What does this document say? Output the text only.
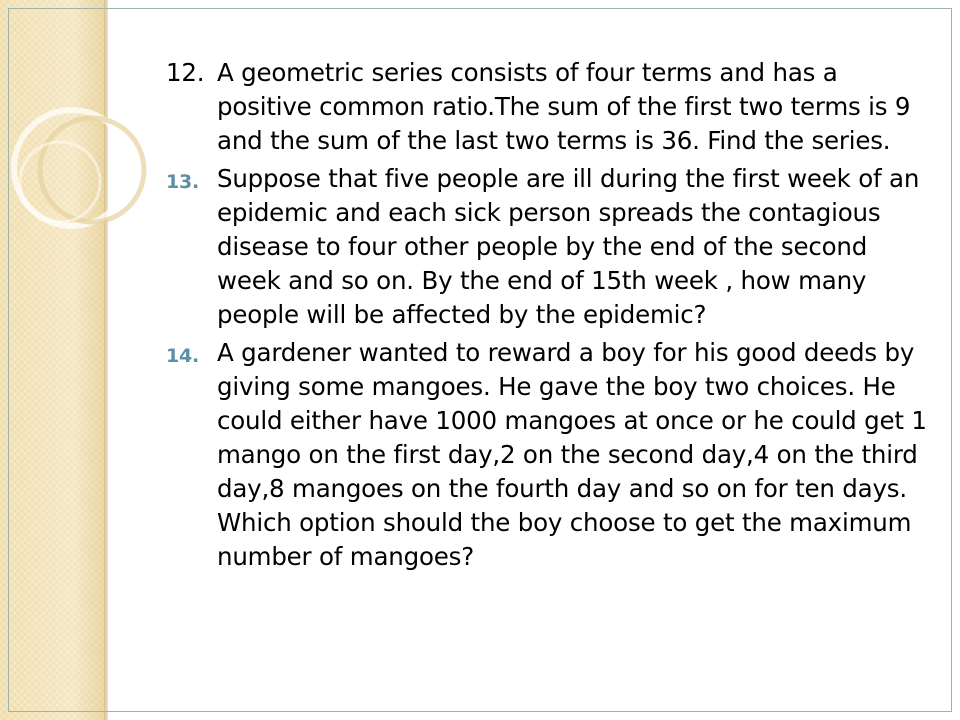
12. A geometric series consists of four terms and has a positive common ratio.The sum of the first two terms is 9 and the sum of the last two terms is 36. Find the series.
13. Suppose that five people are ill during the first week of an epidemic and each sick person spreads the contagious disease to four other people by the end of the second week and so on. By the end of 15th week , how many people will be affected by the epidemic?
14. A gardener wanted to reward a boy for his good deeds by giving some mangoes. He gave the boy two choices. He could either have 1000 mangoes at once or he could get 1 mango on the first day,2 on the second day,4 on the third day,8 mangoes on the fourth day and so on for ten days. Which option should the boy choose to get the maximum number of mangoes?
